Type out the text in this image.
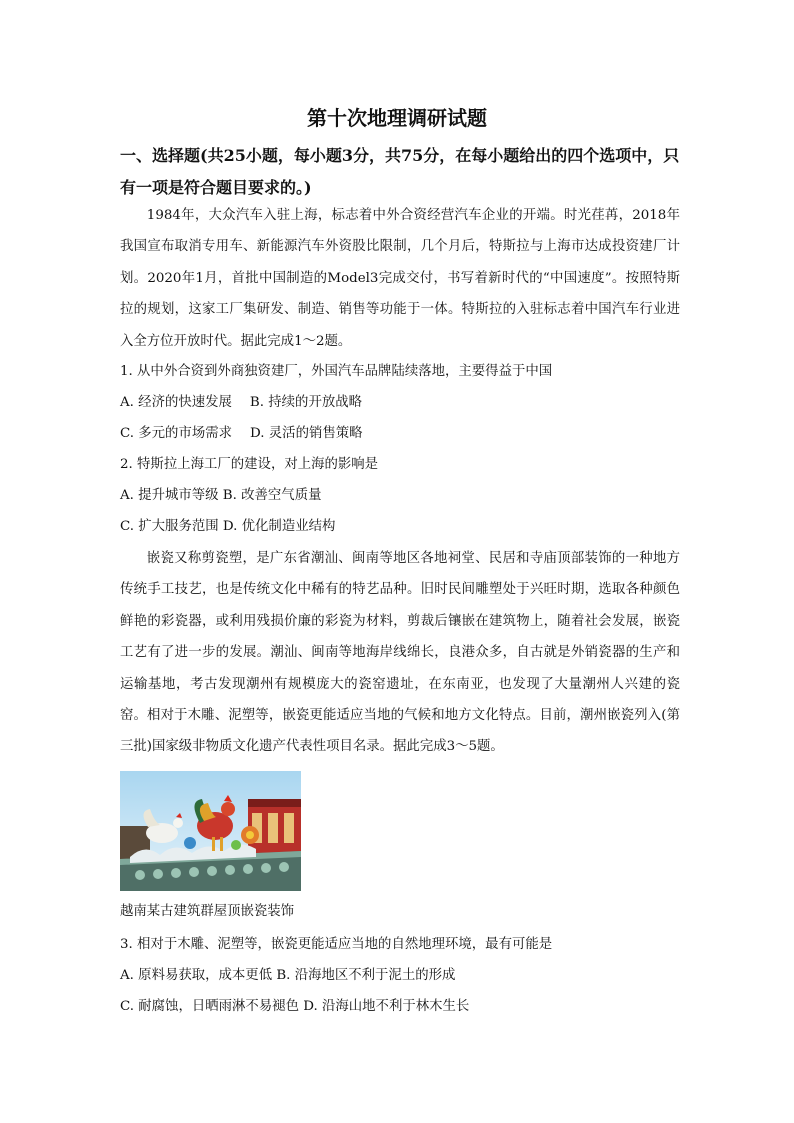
第十次地理调研试题
一、选择题(共25小题，每小题3分，共75分，在每小题给出的四个选项中，只有一项是符合题目要求的。)
1984年，大众汽车入驻上海，标志着中外合资经营汽车企业的开端。时光荏苒，2018年我国宣布取消专用车、新能源汽车外资股比限制，几个月后，特斯拉与上海市达成投资建厂计划。2020年1月，首批中国制造的Model3完成交付，书写着新时代的“中国速度”。按照特斯拉的规划，这家工厂集研发、制造、销售等功能于一体。特斯拉的入驻标志着中国汽车行业进入全方位开放时代。据此完成1～2题。
1. 从中外合资到外商独资建厂，外国汽车品牌陆续落地，主要得益于中国
A. 经济的快速发展 B. 持续的开放战略
C. 多元的市场需求 D. 灵活的销售策略
2. 特斯拉上海工厂的建设，对上海的影响是
A. 提升城市等级 B. 改善空气质量
C. 扩大服务范围 D. 优化制造业结构
嵌瓷又称剪瓷塑，是广东省潮汕、闽南等地区各地祠堂、民居和寺庙顶部装饰的一种地方传统手工技艺，也是传统文化中稀有的特艺品种。旧时民间雕塑处于兴旺时期，选取各种颜色鲜艳的彩瓷器，或利用残损价廉的彩瓷为材料，剪裁后镶嵌在建筑物上，随着社会发展，嵌瓷工艺有了进一步的发展。潮汕、闽南等地海岸线绵长，良港众多，自古就是外销瓷器的生产和运输基地，考古发现潮州有规模庞大的瓷窑遗址，在东南亚，也发现了大量潮州人兴建的瓷窑。相对于木雕、泥塑等，嵌瓷更能适应当地的气候和地方文化特点。目前，潮州嵌瓷列入(第三批)国家级非物质文化遗产代表性项目名录。据此完成3～5题。
越南某古建筑群屋顶嵌瓷装饰
3. 相对于木雕、泥塑等，嵌瓷更能适应当地的自然地理环境，最有可能是
A. 原料易获取，成本更低 B. 沿海地区不利于泥土的形成
C. 耐腐蚀，日晒雨淋不易褪色 D. 沿海山地不利于林木生长
